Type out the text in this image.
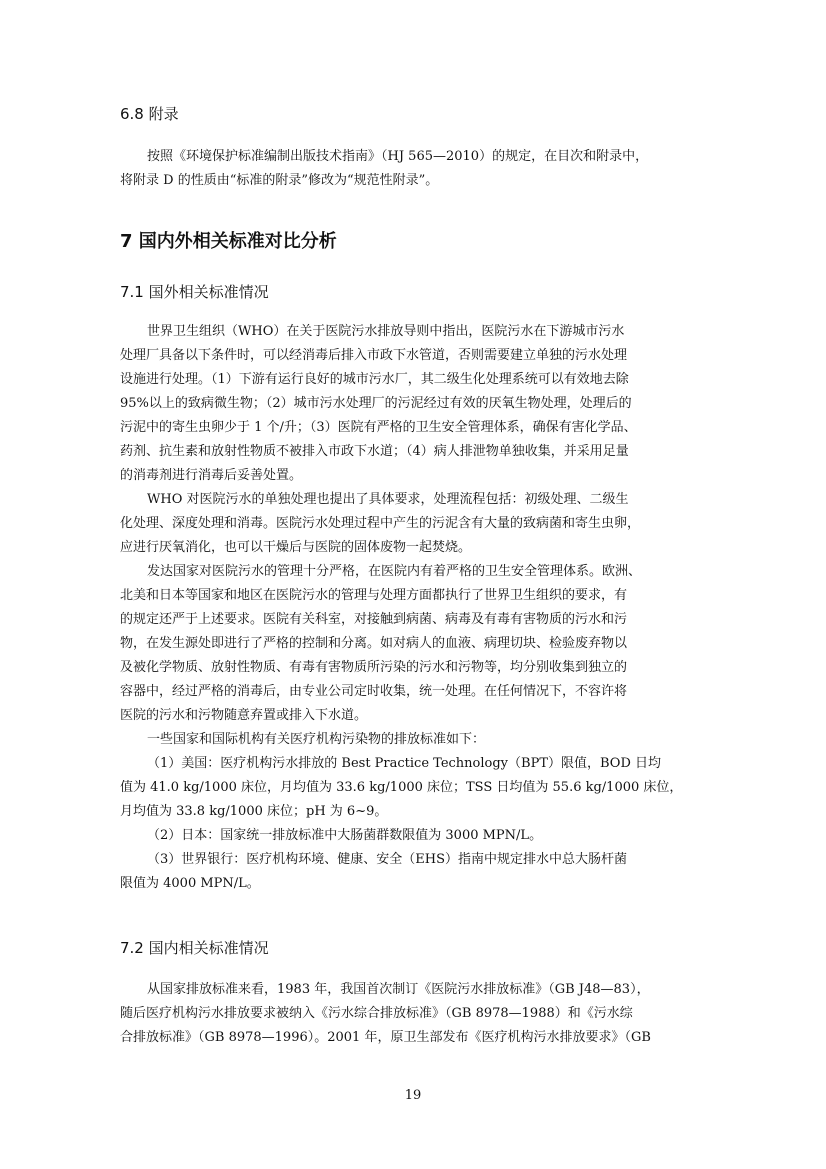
6.8 附录

按照《环境保护标准编制出版技术指南》（HJ 565—2010）的规定，在目次和附录中，
将附录 D 的性质由“标准的附录”修改为“规范性附录”。

7 国内外相关标准对比分析
7.1 国外相关标准情况

世界卫生组织（WHO）在关于医院污水排放导则中指出，医院污水在下游城市污水
处理厂具备以下条件时，可以经消毒后排入市政下水管道，否则需要建立单独的污水处理
设施进行处理。（1）下游有运行良好的城市污水厂，其二级生化处理系统可以有效地去除
95%以上的致病微生物；（2）城市污水处理厂的污泥经过有效的厌氧生物处理，处理后的
污泥中的寄生虫卵少于 1 个/升；（3）医院有严格的卫生安全管理体系，确保有害化学品、
药剂、抗生素和放射性物质不被排入市政下水道；（4）病人排泄物单独收集，并采用足量
的消毒剂进行消毒后妥善处置。

WHO 对医院污水的单独处理也提出了具体要求，处理流程包括：初级处理、二级生
化处理、深度处理和消毒。医院污水处理过程中产生的污泥含有大量的致病菌和寄生虫卵，
应进行厌氧消化，也可以干燥后与医院的固体废物一起焚烧。

发达国家对医院污水的管理十分严格，在医院内有着严格的卫生安全管理体系。欧洲、
北美和日本等国家和地区在医院污水的管理与处理方面都执行了世界卫生组织的要求，有
的规定还严于上述要求。医院有关科室，对接触到病菌、病毒及有毒有害物质的污水和污
物，在发生源处即进行了严格的控制和分离。如对病人的血液、病理切块、检验废弃物以
及被化学物质、放射性物质、有毒有害物质所污染的污水和污物等，均分别收集到独立的
容器中，经过严格的消毒后，由专业公司定时收集，统一处理。在任何情况下，不容许将
医院的污水和污物随意弃置或排入下水道。

一些国家和国际机构有关医疗机构污染物的排放标准如下：

（1）美国：医疗机构污水排放的 Best Practice Technology（BPT）限值，BOD 日均
值为 41.0 kg/1000 床位，月均值为 33.6 kg/1000 床位；TSS 日均值为 55.6 kg/1000 床位，
月均值为 33.8 kg/1000 床位；pH 为 6~9。

（2）日本：国家统一排放标准中大肠菌群数限值为 3000 MPN/L。

（3）世界银行：医疗机构环境、健康、安全（EHS）指南中规定排水中总大肠杆菌
限值为 4000 MPN/L。

7.2 国内相关标准情况

从国家排放标准来看，1983 年，我国首次制订《医院污水排放标准》（GB J48—83），
随后医疗机构污水排放要求被纳入《污水综合排放标准》（GB 8978—1988）和《污水综
合排放标准》（GB 8978—1996）。2001 年，原卫生部发布《医疗机构污水排放要求》（GB

19
